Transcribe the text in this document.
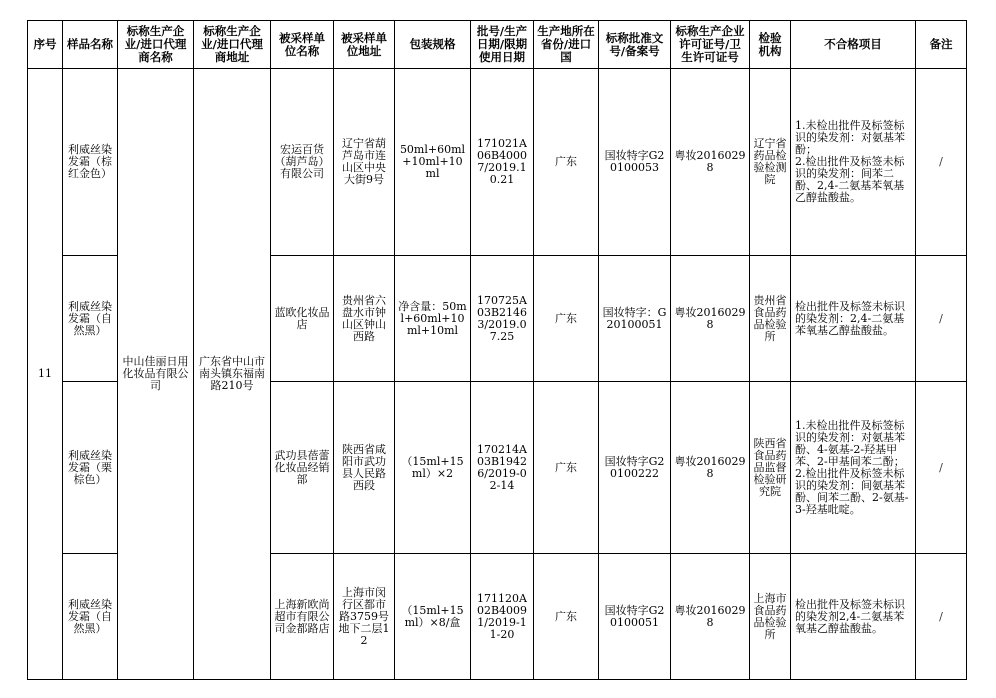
序号	样品名称	标称生产企业/进口代理商名称	标称生产企业/进口代理商地址	被采样单位名称	被采样单位地址	包装规格	批号/生产日期/限期使用日期	生产地所在省份/进口国	标称批准文号/备案号	标称生产企业许可证号/卫生许可证号	检验机构	不合格项目	备注
11	利威丝染发霜（棕红金色）	中山佳丽日用化妆品有限公司	广东省中山市南头镇东福南路210号	宏运百货（葫芦岛）有限公司	辽宁省葫芦岛市连山区中央大街9号	50ml+60ml+10ml+10ml	171021A06B40007/2019.10.21	广东	国妆特字G20100053	粤妆20160298	辽宁省药品检验检测院	1.未检出批件及标签标识的染发剂：对氨基苯酚；
2.检出批件及标签未标识的染发剂：间苯二酚、2,4-二氨基苯氧基乙醇盐酸盐。	/
	利威丝染发霜（自然黑）			蓝欧化妆品店	贵州省六盘水市钟山区钟山西路	净含量：50ml+60ml+10ml+10ml	170725A03B21463/2019.07.25	广东	国妆特字：G20100051	粤妆20160298	贵州省食品药品检验所	检出批件及标签未标识的染发剂：2,4-二氨基苯氧基乙醇盐酸盐。	/
	利威丝染发霜（栗棕色）			武功县蓓蕾化妆品经销部	陕西省咸阳市武功县人民路西段	（15ml+15ml）×2	170214A03B19426/2019-02-14	广东	国妆特字G20100222	粤妆20160298	陕西省食品药品监督检验研究院	1.未检出批件及标签标识的染发剂：对氨基苯酚、4-氨基-2-羟基甲苯、2-甲基间苯二酚；
2.检出批件及标签未标识的染发剂：间氨基苯酚、间苯二酚、2-氨基-3-羟基吡啶。	/
	利威丝染发霜（自然黑）			上海新欧尚超市有限公司金都路店	上海市闵行区都市路3759号地下二层12	（15ml+15ml）×8/盒	171120A02B40091/2019-11-20	广东	国妆特字G20100051	粤妆20160298	上海市食品药品检验所	检出批件及标签未标识的染发剂2,4-二氨基苯氧基乙醇盐酸盐。	/
